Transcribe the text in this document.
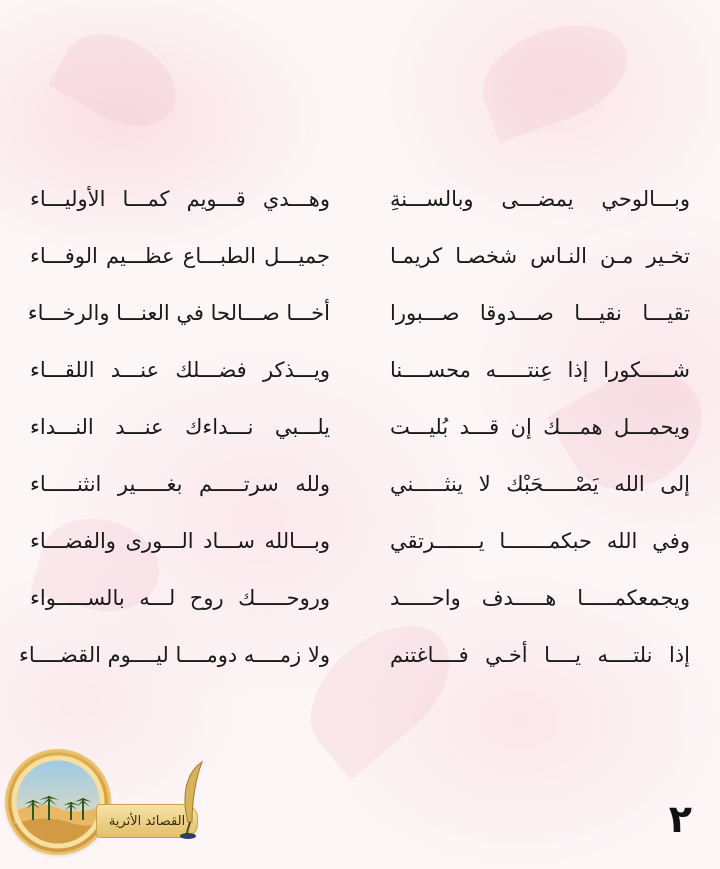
وبـــالوحي يمضـــى وبالســـنةِ
وهـــدي قـــويم كمـــا الأوليـــاء
تخـير مـن النـاس شخصـا كريمـا
جميـــل الطبـــاع عظـــيم الوفـــاء
تقيـــا نقيـــا صـــدوقا صـــبورا
أخـــا صـــالحا في العنـــا والرخـــاء
شـــــكورا إذا عِنتـــــه محســــنا
ويـــذكر فضـــلك عنـــد اللقـــاء
ويحمـــل همـــك إن قـــد بُليـــت
يلـــبي نـــداءك عنـــد النـــداء
إلى الله يَصْـــــحَبْك لا ينثـــــني
ولله سرتـــــم بغـــــير انثنـــــاء
وفي الله حبكمـــــــا يـــــــرتقي
وبـــالله ســـاد الـــورى والفضـــاء
ويجمعكمـــــا هـــــدف واحـــــد
وروحـــــك روح لـــه بالســـــواء
إذا نلتــــه يــــا أخـي فــــاغتنم
ولا زمــــه دومــــا ليــــوم القضــــاء
القصائد الأثرية	٢
